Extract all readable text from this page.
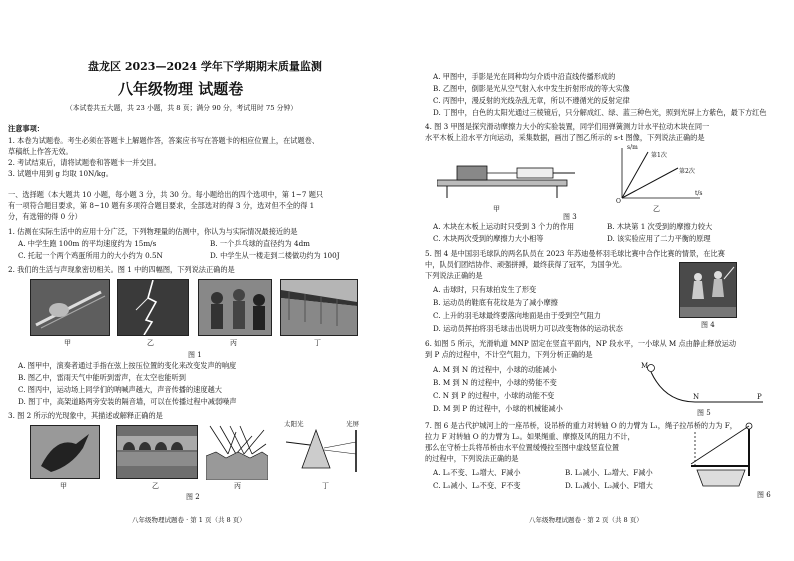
盘龙区 2023—2024 学年下学期期末质量监测
八年级物理 试题卷
（本试卷共五大题，共 23 小题，共 8 页；满分 90 分，考试用时 75 分钟）
注意事项：
1. 本卷为试题卷。考生必须在答题卡上解题作答，答案应书写在答题卡的相应位置上，在试题卷、
草稿纸上作答无效。
2. 考试结束后，请将试题卷和答题卡一并交回。
3. 试题中用到 g 均取 10N/kg。
一、选择题（本大题共 10 小题，每小题 3 分，共 30 分。每小题给出的四个选项中，第 1~7 题只
有一项符合题目要求，第 8~10 题有多项符合题目要求，全部选对的得 3 分，选对但不全的得 1
分，有选错的得 0 分）
1. 估测在实际生活中的应用十分广泛，下列物理量的估测中，你认为与实际情况最接近的是
A. 中学生跑 100m 的平均速度约为 15m/s	B. 一个乒乓球的直径约为 4dm
C. 托起一个两个鸡蛋所用力的大小约为 0.5N	D. 中学生从一楼走到二楼做功约为 100J
2. 我们的生活与声现象密切相关。图 1 中的四幅图，下列说法正确的是
甲	乙	丙	丁
图 1
A. 图甲中，演奏者通过手指在弦上按压位置的变化来改变发声的响度
B. 图乙中，雷雨天气中能听到雷声，在太空也能听到
C. 图丙中，运动场上同学们的呐喊声越大，声音传播的速度越大
D. 图丁中，高架道路两旁安装的隔音墙，可以在传播过程中减弱噪声
3. 图 2 所示的光现象中，其描述或解释正确的是
太阳光	光屏
甲	乙	丙	丁
图 2
八年级物理试题卷 · 第 1 页（共 8 页）
A. 甲图中，手影是光在同种均匀介质中沿直线传播形成的
B. 乙图中，倒影是光从空气射入水中发生折射形成的等大实像
C. 丙图中，漫反射的光线杂乱无章，所以不遵循光的反射定律
D. 丁图中，白色的太阳光通过三棱镜后，只分解成红、绿、蓝三种色光，照到光屏上方紫色，最下方红色
4. 图 3 甲图是探究滑动摩擦力大小的实验装置，同学们用弹簧测力计水平拉动木块在同一
水平木板上沿水平方向运动，采集数据，画出了图乙所示的 s-t 图像，下列说法正确的是
s/m
第1次
第2次
t/s
O
甲	乙
图 3
A. 木块在木板上运动时只受到 3 个力的作用	B. 木块第 1 次受到的摩擦力较大
C. 木块两次受到的摩擦力大小相等	D. 该实验应用了二力平衡的原理
5. 图 4 是中国羽毛球队的两名队员在 2023 年苏迪曼杯羽毛球比赛中合作比赛的情景，在比赛
中，队员们团结协作、顽强拼搏，最终获得了冠军，为国争光。
下列说法正确的是
A. 击球时，只有球拍发生了形变
B. 运动员的鞋底有花纹是为了减小摩擦
C. 上升的羽毛球最终要落向地面是由于受到空气阻力
D. 运动员挥拍将羽毛球击出说明力可以改变物体的运动状态	图 4
6. 如图 5 所示，光滑轨道 MNP 固定在竖直平面内，NP 段水平，一小球从 M 点由静止释放运动
到 P 点的过程中，不计空气阻力，下列分析正确的是
A. M 到 N 的过程中，小球的动能减小
B. M 到 N 的过程中，小球的势能不变
C. N 到 P 的过程中，小球的动能不变
D. M 到 P 的过程中，小球的机械能减小
M
N	P
图 5
7. 图 6 是古代护城河上的一座吊桥，设吊桥的重力对转轴 O 的力臂为 L₁，绳子拉吊桥的力为 F，
拉力 F 对转轴 O 的力臂为 L₂。如果绳重、摩擦及风的阻力不计，
那么在守桥士兵将吊桥由水平位置缓慢拉至图中虚线竖直位置
的过程中，下列说法正确的是
A. L₁不变、L₂增大、F减小	B. L₁减小、L₂增大、F减小
C. L₁减小、L₂不变、F不变	D. L₁减小、L₂减小、F增大
图 6
八年级物理试题卷 · 第 2 页（共 8 页）
